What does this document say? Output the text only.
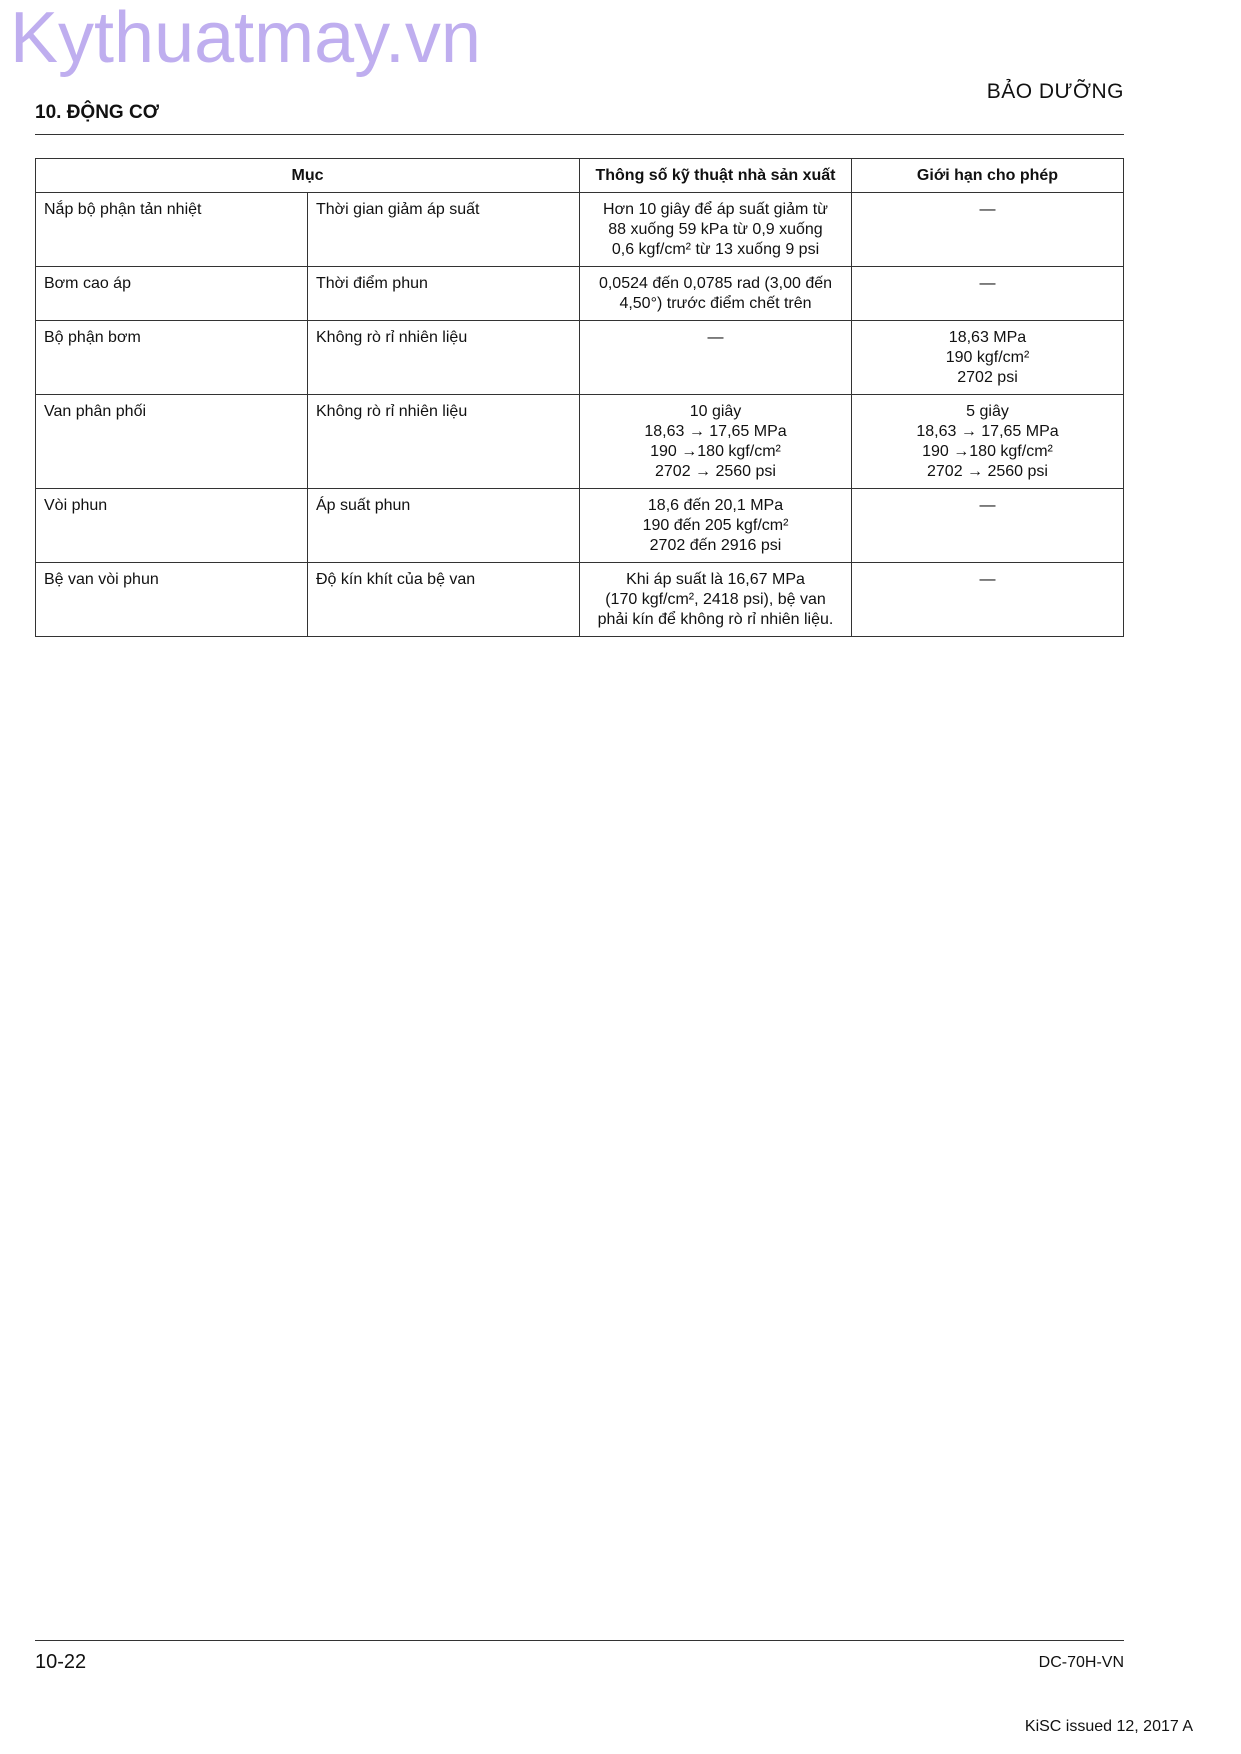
Kythuatmay.vn
BẢO DƯỠNG
10. ĐỘNG CƠ
Mục		Thông số kỹ thuật nhà sản xuất	Giới hạn cho phép
Nắp bộ phận tản nhiệt	Thời gian giảm áp suất	Hơn 10 giây để áp suất giảm từ
88 xuống 59 kPa từ 0,9 xuống
0,6 kgf/cm² từ 13 xuống 9 psi	—

Bơm cao áp	Thời điểm phun	0,0524 đến 0,0785 rad (3,00 đến
4,50°) trước điểm chết trên	—

Bộ phận bơm	Không rò rỉ nhiên liệu	—	18,63 MPa
190 kgf/cm²
2702 psi

Van phân phối	Không rò rỉ nhiên liệu	10 giây
18,63 → 17,65 MPa
190 →180 kgf/cm²
2702 → 2560 psi	5 giây
18,63 → 17,65 MPa
190 →180 kgf/cm²
2702 → 2560 psi

Vòi phun	Áp suất phun	18,6 đến 20,1 MPa
190 đến 205 kgf/cm²
2702 đến 2916 psi	—

Bệ van vòi phun	Độ kín khít của bệ van	Khi áp suất là 16,67 MPa
(170 kgf/cm², 2418 psi), bệ van
phải kín để không rò rỉ nhiên liệu.	—
10-22	DC-70H-VN
KiSC issued 12, 2017 A
